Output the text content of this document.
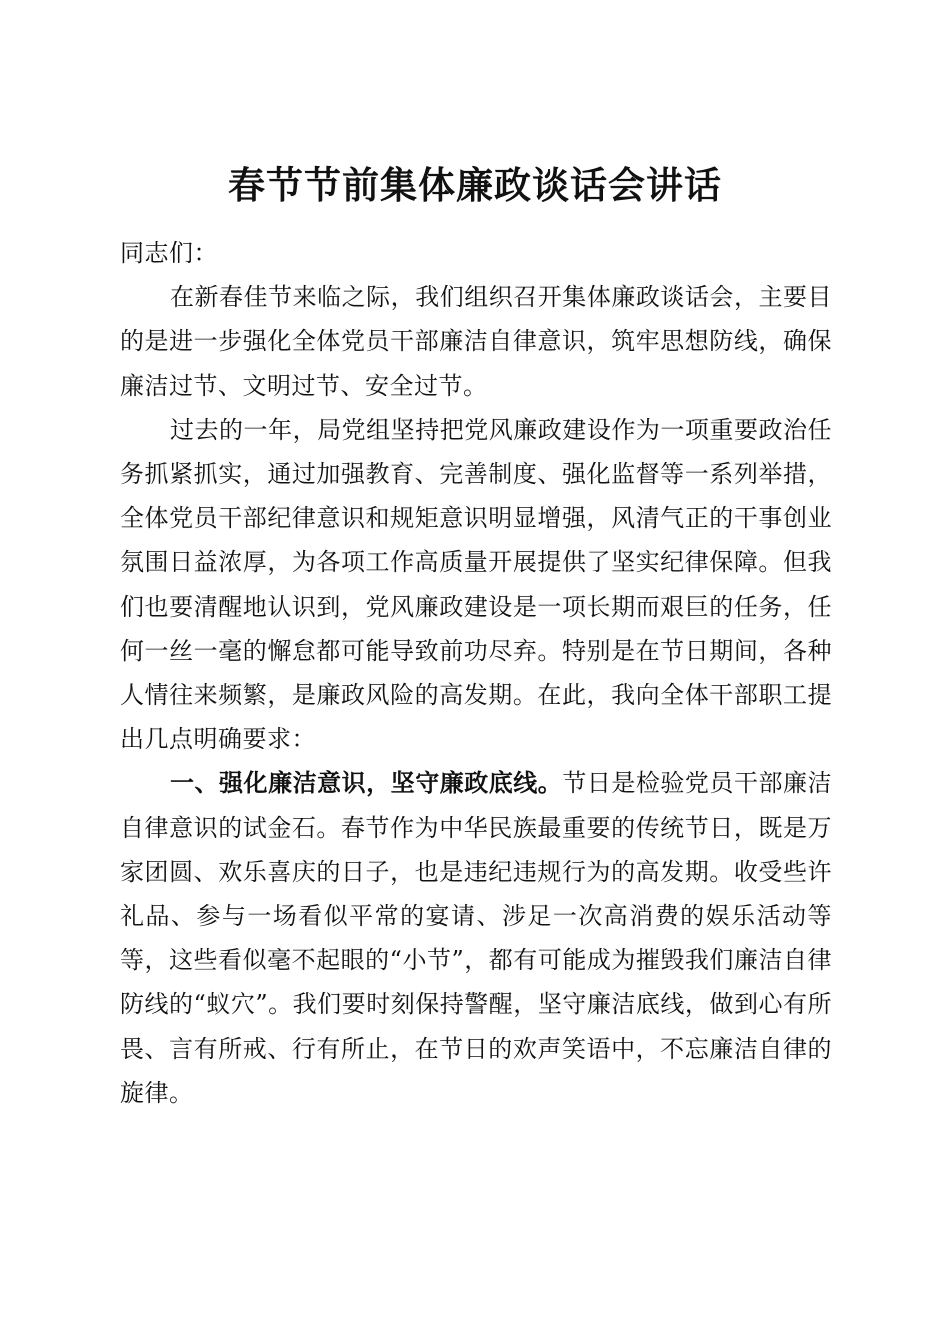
春节节前集体廉政谈话会讲话

同志们：

在新春佳节来临之际，我们组织召开集体廉政谈话会，主要目的是进一步强化全体党员干部廉洁自律意识，筑牢思想防线，确保廉洁过节、文明过节、安全过节。

过去的一年，局党组坚持把党风廉政建设作为一项重要政治任务抓紧抓实，通过加强教育、完善制度、强化监督等一系列举措，全体党员干部纪律意识和规矩意识明显增强，风清气正的干事创业氛围日益浓厚，为各项工作高质量开展提供了坚实纪律保障。但我们也要清醒地认识到，党风廉政建设是一项长期而艰巨的任务，任何一丝一毫的懈怠都可能导致前功尽弃。特别是在节日期间，各种人情往来频繁，是廉政风险的高发期。在此，我向全体干部职工提出几点明确要求：

一、强化廉洁意识，坚守廉政底线。节日是检验党员干部廉洁自律意识的试金石。春节作为中华民族最重要的传统节日，既是万家团圆、欢乐喜庆的日子，也是违纪违规行为的高发期。收受些许礼品、参与一场看似平常的宴请、涉足一次高消费的娱乐活动等等，这些看似毫不起眼的“小节”，都有可能成为摧毁我们廉洁自律防线的“蚁穴”。我们要时刻保持警醒，坚守廉洁底线，做到心有所畏、言有所戒、行有所止，在节日的欢声笑语中，不忘廉洁自律的旋律。
